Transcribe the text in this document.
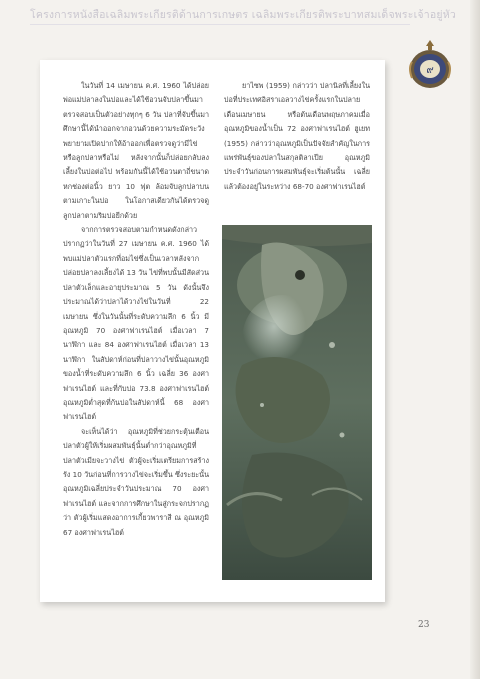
โครงการหนังสือเฉลิมพระเกียรติด้านการเกษตร เฉลิมพระเกียรติพระบาทสมเด็จพระเจ้าอยู่หัว
๙

ในวันที่ 14 เมษายน ค.ศ. 1960 ได้ปล่อยพ่อแม่ปลาลงในบ่อและได้ใช้อวนจับปลาขึ้นมาตรวจสอบเป็นตัวอย่างทุกๆ 6 วัน ปลาที่จับขึ้นมาศึกษานี้ได้นำออกจากอวนด้วยความระมัดระวัง พยายามเปิดปากให้อ้าออกเพื่อตรวจดูว่ามีไข่หรือลูกปลาหรือไม่ หลังจากนั้นก็ปล่อยกลับลงเลี้ยงในบ่อต่อไป พร้อมกันนี้ได้ใช้อวนตาถี่ขนาดหกช่องต่อนิ้ว ยาว 10 ฟุต ล้อมจับลูกปลาบนตามเกาะในบ่อ ในโอกาสเดียวกันได้ตรวจดูลูกปลาตามริมบ่อยีกด้วย

จากการตรวจสอบตามกำหนดดังกล่าวปรากฏว่าในวันที่ 27 เมษายน ค.ศ. 1960 ได้พบแม่ปลาตัวแรกที่อมไข่ซึ่งเป็นเวลาหลังจากปล่อยปลาลงเลี้ยงได้ 13 วัน ไข่ที่พบนั้นมีสัดส่วนปลาตัวเล็กและอายุประมาณ 5 วัน ดังนั้นจึงประมาณได้ว่าปลาได้วางไข่ในวันที่ 22 เมษายน ซึ่งในวันนั้นที่ระดับความลึก 6 นิ้ว มีอุณหภูมิ 70 องศาฟาเรนไฮต์ เมื่อเวลา 7 นาฬิกา และ 84 องศาฟาเรนไฮต์ เมื่อเวลา 13 นาฬิกา ในสัปดาห์ก่อนที่ปลาวางไข่นั้นอุณหภูมิของน้ำที่ระดับความลึก 6 นิ้ว เฉลี่ย 36 องศาฟาเรนไฮต์ และที่กับบ่อ 73.8 องศาฟาเรนไฮต์อุณหภูมิต่ำสุดที่ก้นบ่อในสัปดาห์นี้ 68 องศาฟาเรนไฮต์

จะเห็นได้ว่า อุณหภูมิที่ช่วยกระตุ้นเตือนปลาตัวผู้ให้เริ่มผสมพันธุ์นั้นต่ำกว่าอุณหภูมิที่ปลาตัวเมียจะวางไข่ ตัวผู้จะเริ่มเตรียมการสร้างรัง 10 วันก่อนที่การวางไข่จะเริ่มขึ้น ซึ่งระยะนั้นอุณหภูมิเฉลี่ยประจำวันประมาณ 70 องศาฟาเรนไฮต์ และจากการศึกษาในสู่กระจกปรากฏว่า ตัวผู้เริ่มแสดงอาการเกี้ยวพาราสี ณ อุณหภูมิ 67 องศาฟาเรนไฮต์

ยาไซพ (1959) กล่าวว่า ปลานิลที่เลี้ยงในบ่อที่ประเทศอิสราเอลวางไข่ครั้งแรกในปลายเดือนเมษายน หรือต้นเดือนพฤษภาคมเมื่ออุณหภูมิของน้ำเป็น 72 องศาฟาเรนไฮต์ ฮูเยท (1955) กล่าวว่าอุณหภูมิเป็นปัจจัยสำคัญในการแพร่พันธุ์ของปลาในสกุลติลาเปีย อุณหภูมิประจำวันก่อนการผสมพันธุ์จะเริ่มต้นนั้น เฉลี่ยแล้วต้องอยู่ในระหว่าง 68-70 องศาฟาเรนไฮต์

23
